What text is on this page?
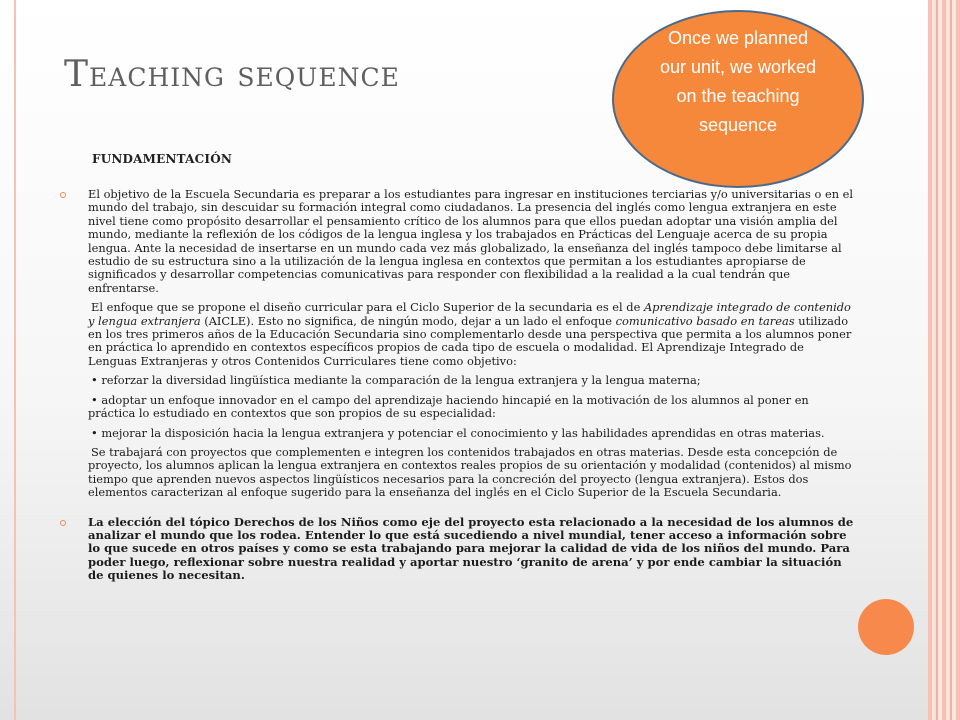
Teaching sequence
Once we planned our unit, we worked on the teaching sequence
FUNDAMENTACIÓN

El objetivo de la Escuela Secundaria es preparar a los estudiantes para ingresar en instituciones terciarias y/o universitarias o en el mundo del trabajo, sin descuidar su formación integral como ciudadanos. La presencia del inglés como lengua extranjera en este nivel tiene como propósito desarrollar el pensamiento crítico de los alumnos para que ellos puedan adoptar una visión amplia del mundo, mediante la reflexión de los códigos de la lengua inglesa y los trabajados en Prácticas del Lenguaje acerca de su propia lengua. Ante la necesidad de insertarse en un mundo cada vez más globalizado, la enseñanza del inglés tampoco debe limitarse al estudio de su estructura sino a la utilización de la lengua inglesa en contextos que permitan a los estudiantes apropiarse de significados y desarrollar competencias comunicativas para responder con flexibilidad a la realidad a la cual tendrán que enfrentarse.

El enfoque que se propone el diseño curricular para el Ciclo Superior de la secundaria es el de Aprendizaje integrado de contenido y lengua extranjera (AICLE). Esto no significa, de ningún modo, dejar a un lado el enfoque comunicativo basado en tareas utilizado en los tres primeros años de la Educación Secundaria sino complementarlo desde una perspectiva que permita a los alumnos poner en práctica lo aprendido en contextos específicos propios de cada tipo de escuela o modalidad. El Aprendizaje Integrado de Lenguas Extranjeras y otros Contenidos Curriculares tiene como objetivo:

• reforzar la diversidad lingüística mediante la comparación de la lengua extranjera y la lengua materna;

• adoptar un enfoque innovador en el campo del aprendizaje haciendo hincapié en la motivación de los alumnos al poner en práctica lo estudiado en contextos que son propios de su especialidad:

• mejorar la disposición hacia la lengua extranjera y potenciar el conocimiento y las habilidades aprendidas en otras materias.

Se trabajará con proyectos que complementen e integren los contenidos trabajados en otras materias. Desde esta concepción de proyecto, los alumnos aplican la lengua extranjera en contextos reales propios de su orientación y modalidad (contenidos) al mismo tiempo que aprenden nuevos aspectos lingüísticos necesarios para la concreción del proyecto (lengua extranjera). Estos dos elementos caracterizan al enfoque sugerido para la enseñanza del inglés en el Ciclo Superior de la Escuela Secundaria.

La elección del tópico Derechos de los Niños como eje del proyecto esta relacionado a la necesidad de los alumnos de analizar el mundo que los rodea. Entender lo que está sucediendo a nivel mundial, tener acceso a información sobre lo que sucede en otros países y como se esta trabajando para mejorar la calidad de vida de los niños del mundo. Para poder luego, reflexionar sobre nuestra realidad y aportar nuestro ‘granito de arena’ y por ende cambiar la situación de quienes lo necesitan.
